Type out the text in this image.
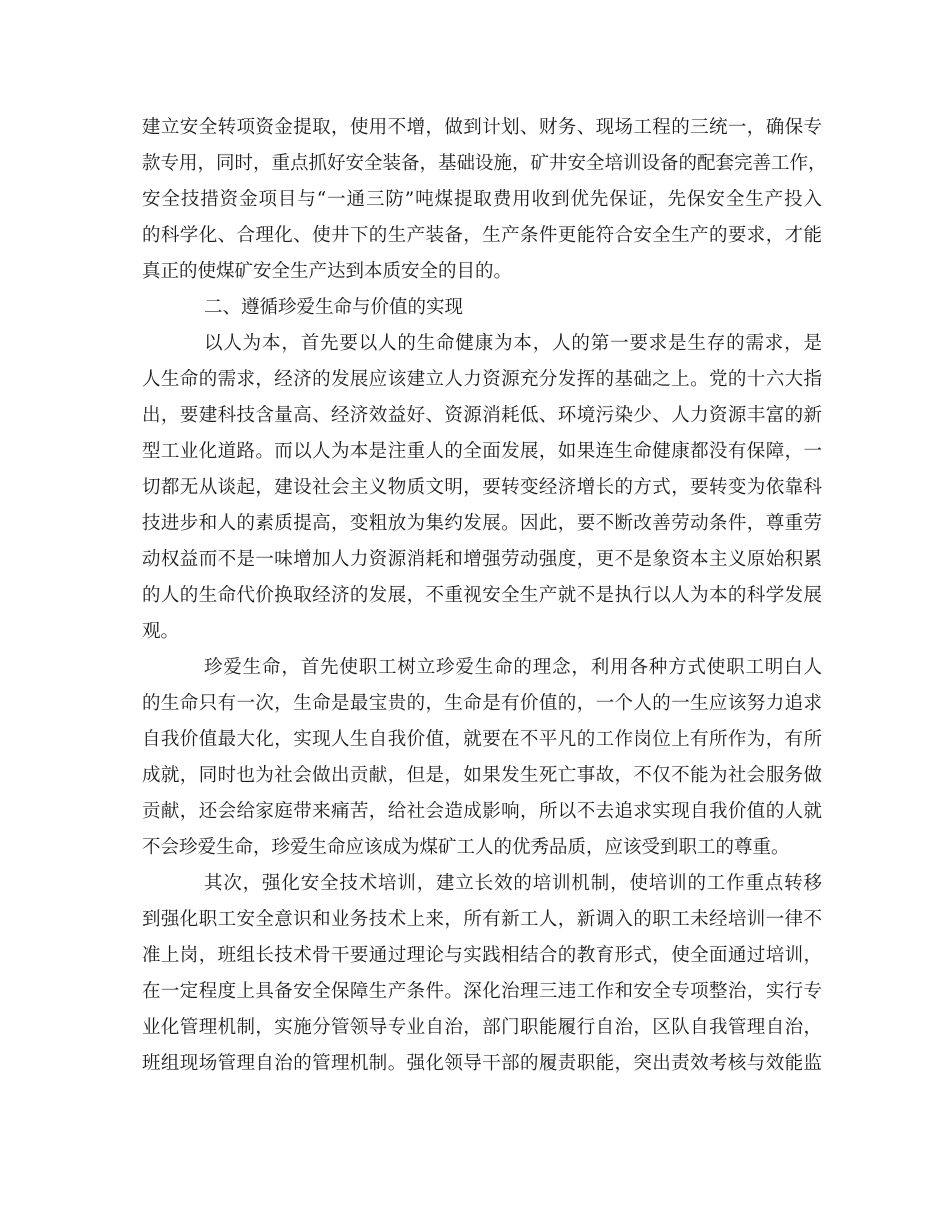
建立安全转项资金提取，使用不增，做到计划、财务、现场工程的三统一，确保专
款专用，同时，重点抓好安全装备，基础设施，矿井安全培训设备的配套完善工作，
安全技措资金项目与“一通三防”吨煤提取费用收到优先保证，先保安全生产投入
的科学化、合理化、使井下的生产装备，生产条件更能符合安全生产的要求，才能
真正的使煤矿安全生产达到本质安全的目的。
二、遵循珍爱生命与价值的实现
以人为本，首先要以人的生命健康为本，人的第一要求是生存的需求，是
人生命的需求，经济的发展应该建立人力资源充分发挥的基础之上。党的十六大指
出，要建科技含量高、经济效益好、资源消耗低、环境污染少、人力资源丰富的新
型工业化道路。而以人为本是注重人的全面发展，如果连生命健康都没有保障，一
切都无从谈起，建设社会主义物质文明，要转变经济增长的方式，要转变为依靠科
技进步和人的素质提高，变粗放为集约发展。因此，要不断改善劳动条件，尊重劳
动权益而不是一味增加人力资源消耗和增强劳动强度，更不是象资本主义原始积累
的人的生命代价换取经济的发展，不重视安全生产就不是执行以人为本的科学发展
观。
珍爱生命，首先使职工树立珍爱生命的理念，利用各种方式使职工明白人
的生命只有一次，生命是最宝贵的，生命是有价值的，一个人的一生应该努力追求
自我价值最大化，实现人生自我价值，就要在不平凡的工作岗位上有所作为，有所
成就，同时也为社会做出贡献，但是，如果发生死亡事故，不仅不能为社会服务做
贡献，还会给家庭带来痛苦，给社会造成影响，所以不去追求实现自我价值的人就
不会珍爱生命，珍爱生命应该成为煤矿工人的优秀品质，应该受到职工的尊重。
其次，强化安全技术培训，建立长效的培训机制，使培训的工作重点转移
到强化职工安全意识和业务技术上来，所有新工人，新调入的职工未经培训一律不
准上岗，班组长技术骨干要通过理论与实践相结合的教育形式，使全面通过培训，
在一定程度上具备安全保障生产条件。深化治理三违工作和安全专项整治，实行专
业化管理机制，实施分管领导专业自治，部门职能履行自治，区队自我管理自治，
班组现场管理自治的管理机制。强化领导干部的履责职能，突出责效考核与效能监
